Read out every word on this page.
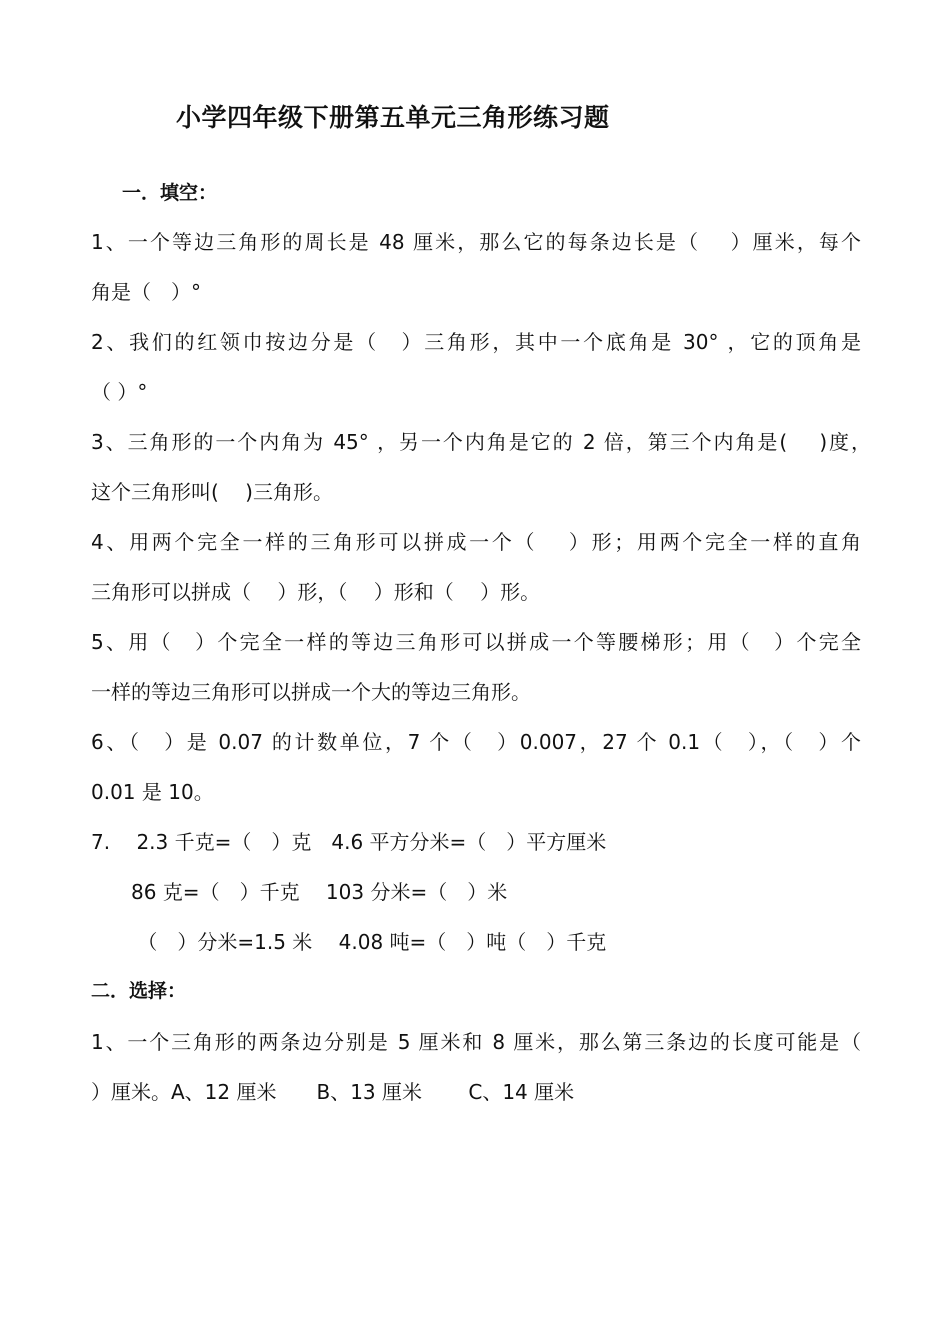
小学四年级下册第五单元三角形练习题
一．填空：
1、一个等边三角形的周长是 48 厘米，那么它的每条边长是（　 ）厘米，每个
角是（　）°
2、我们的红领巾按边分是（　）三角形，其中一个底角是 30° ，它的顶角是
（ ）°
3、三角形的一个内角为 45° ，另一个内角是它的 2 倍，第三个内角是(　 )度，
这个三角形叫(　 )三角形。
4、用两个完全一样的三角形可以拼成一个（　 ）形；用两个完全一样的直角
三角形可以拼成（　 ）形，（　 ）形和（　 ）形。
5、用（　）个完全一样的等边三角形可以拼成一个等腰梯形；用（　）个完全
一样的等边三角形可以拼成一个大的等边三角形。
6、（　）是 0.07 的计数单位，7 个（　）0.007，27 个 0.1（　），（　）个
0.01 是 10。
7.　 2.3 千克=（　）克　4.6 平方分米=（　）平方厘米
　　86 克=（　）千克　 103 分米=（　）米
　　 （　）分米=1.5 米　 4.08 吨=（　）吨（　）千克
二．选择：
1、一个三角形的两条边分别是 5 厘米和 8 厘米，那么第三条边的长度可能是（
）厘米。A、12 厘米　　B、13 厘米　　 C、14 厘米
